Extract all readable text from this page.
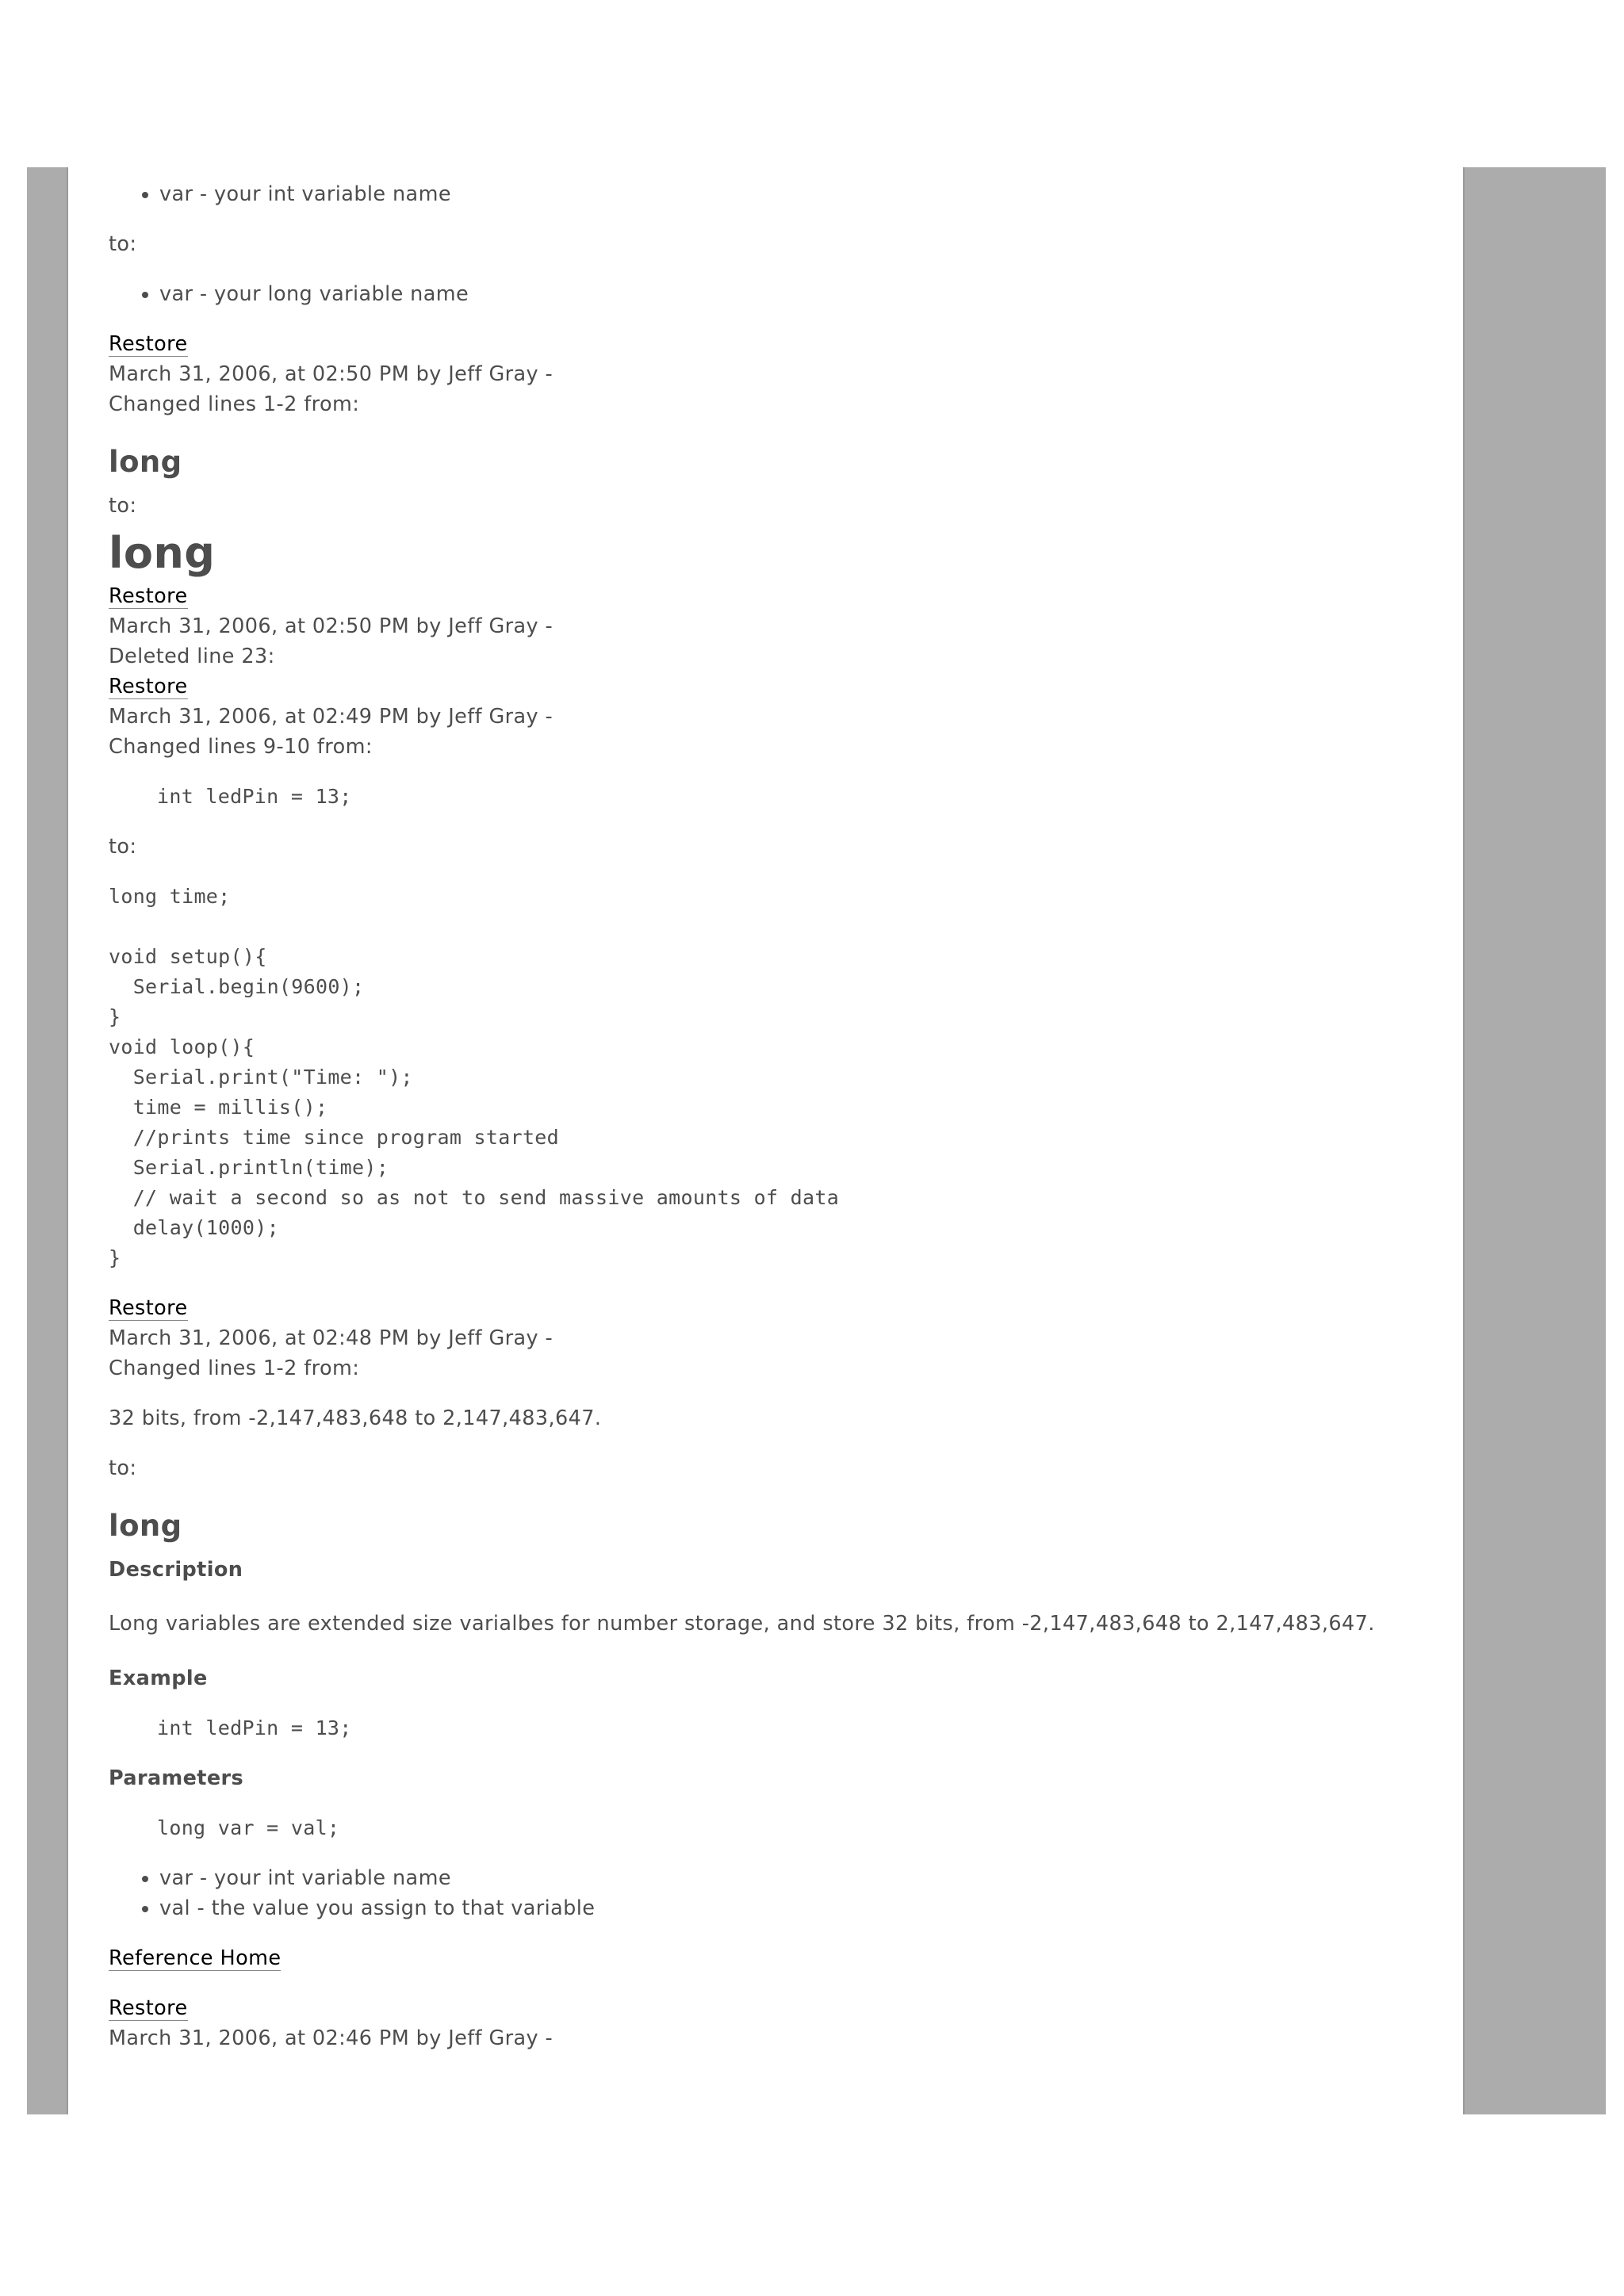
• var - your int variable name

to:

• var - your long variable name

Restore

March 31, 2006, at 02:50 PM by Jeff Gray -

Changed lines 1-2 from:

long

to:

long

Restore

March 31, 2006, at 02:50 PM by Jeff Gray -

Deleted line 23:

Restore

March 31, 2006, at 02:49 PM by Jeff Gray -

Changed lines 9-10 from:

int ledPin = 13;

to:

long time;

void setup(){
Serial.begin(9600);
}
void loop(){
Serial.print("Time: ");
time = millis();
//prints time since program started
Serial.println(time);
// wait a second so as not to send massive amounts of data
delay(1000);
}

Restore

March 31, 2006, at 02:48 PM by Jeff Gray -

Changed lines 1-2 from:

32 bits, from -2,147,483,648 to 2,147,483,647.

to:

long
Description

Long variables are extended size varialbes for number storage, and store 32 bits, from -2,147,483,648 to 2,147,483,647.

Example
int ledPin = 13;
Parameters
long var = val;
• var - your int variable name
• val - the value you assign to that variable

Reference Home

Restore

March 31, 2006, at 02:46 PM by Jeff Gray -
